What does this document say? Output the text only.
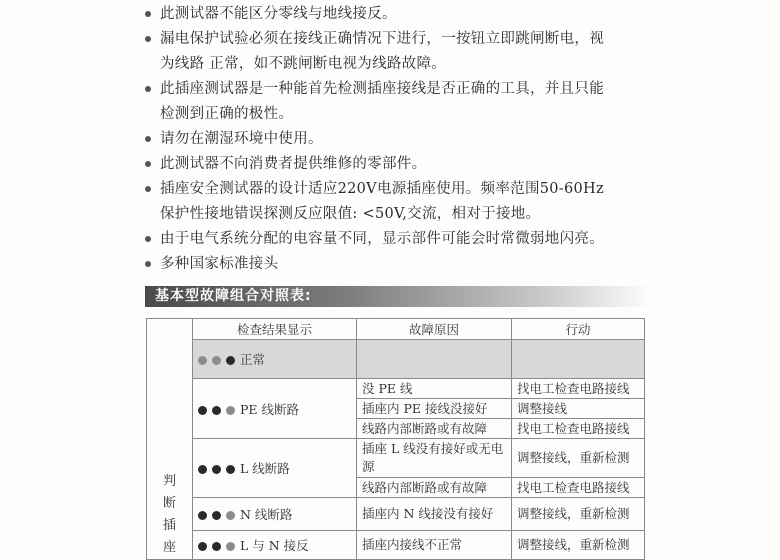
此测试器不能区分零线与地线接反。
漏电保护试验必须在接线正确情况下进行，一按钮立即跳闸断电，视
为线路 正常，如不跳闸断电视为线路故障。
此插座测试器是一种能首先检测插座接线是否正确的工具，并且只能
检测到正确的极性。
请勿在潮湿环境中使用。
此测试器不向消费者提供维修的零部件。
插座安全测试器的设计适应220V电源插座使用。频率范围50-60Hz
保护性接地错误探测反应限值: <50V,交流，相对于接地。
由于电气系统分配的电容量不同，显示部件可能会时常微弱地闪亮。
多种国家标准接头
基本型故障组合对照表:
判
断
插
座	检查结果显示	故障原因	行动
	正常		
	PE 线断路	没 PE 线	找电工检查电路接线
		插座内 PE 接线没接好	调整接线
		线路内部断路或有故障	找电工检查电路接线
	L 线断路	插座 L 线没有接好或无电源	调整接线，重新检测
		线路内部断路或有故障	找电工检查电路接线
	N 线断路	插座内 N 线接没有接好	调整接线，重新检测
	L 与 N 接反	插座内接线不正常	调整接线，重新检测
